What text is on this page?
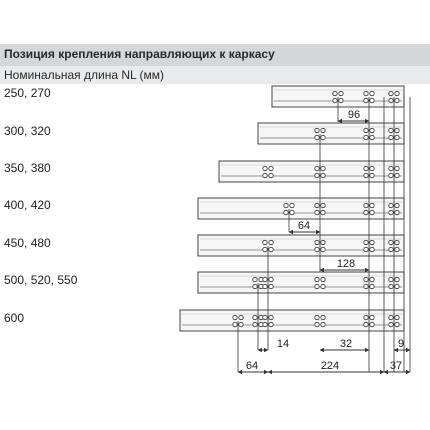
Позиция крепления направляющих к каркасу
Номинальная длина NL (мм)
250, 270
300, 320
350, 380
400, 420
450, 480
500, 520, 550
600
96
64
128
14	32	9
64	224	37
